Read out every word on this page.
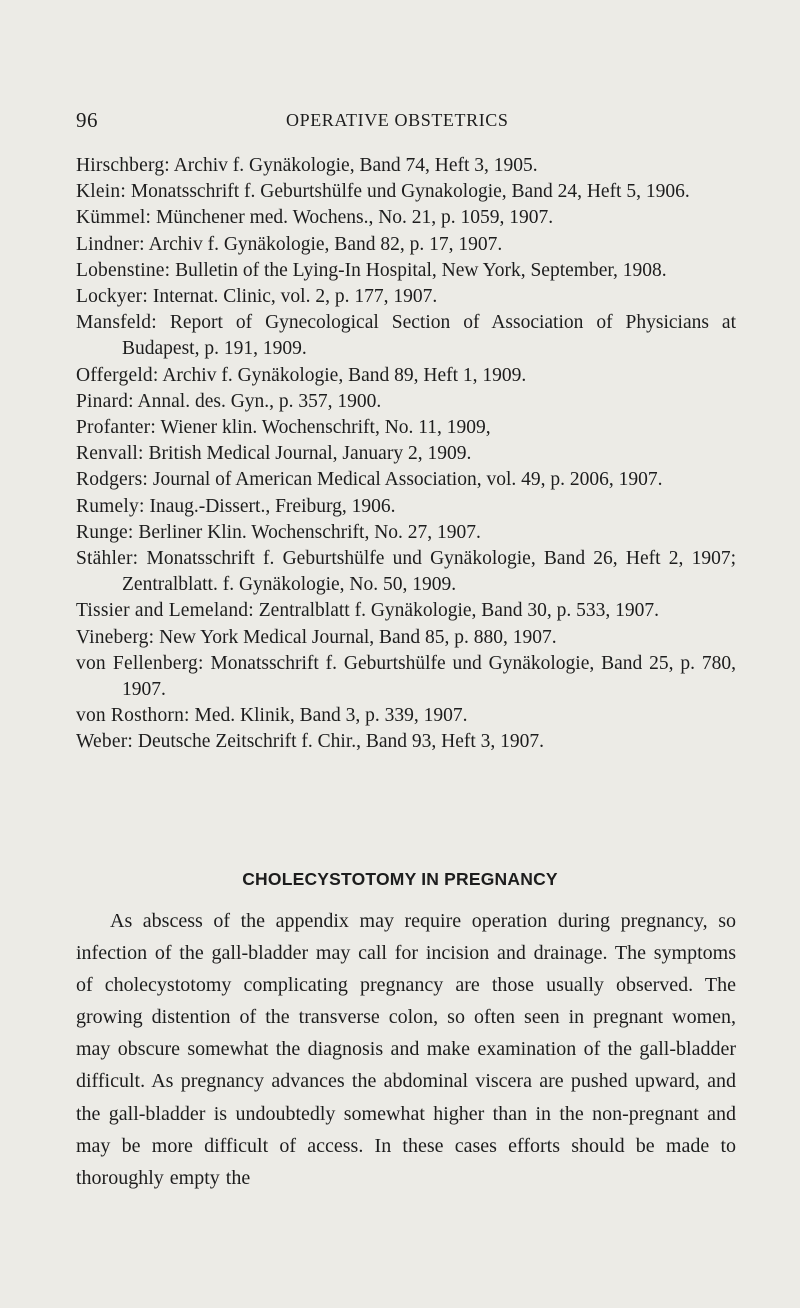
96	OPERATIVE OBSTETRICS
Hirschberg: Archiv f. Gynäkologie, Band 74, Heft 3, 1905.
Klein: Monatsschrift f. Geburtshülfe und Gynakologie, Band 24, Heft 5, 1906.
Kümmel: Münchener med. Wochens., No. 21, p. 1059, 1907.
Lindner: Archiv f. Gynäkologie, Band 82, p. 17, 1907.
Lobenstine: Bulletin of the Lying-In Hospital, New York, September, 1908.
Lockyer: Internat. Clinic, vol. 2, p. 177, 1907.
Mansfeld: Report of Gynecological Section of Association of Physicians at Budapest, p. 191, 1909.
Offergeld: Archiv f. Gynäkologie, Band 89, Heft 1, 1909.
Pinard: Annal. des. Gyn., p. 357, 1900.
Profanter: Wiener klin. Wochenschrift, No. 11, 1909,
Renvall: British Medical Journal, January 2, 1909.
Rodgers: Journal of American Medical Association, vol. 49, p. 2006, 1907.
Rumely: Inaug.-Dissert., Freiburg, 1906.
Runge: Berliner Klin. Wochenschrift, No. 27, 1907.
Stähler: Monatsschrift f. Geburtshülfe und Gynäkologie, Band 26, Heft 2, 1907; Zentralblatt. f. Gynäkologie, No. 50, 1909.
Tissier and Lemeland: Zentralblatt f. Gynäkologie, Band 30, p. 533, 1907.
Vineberg: New York Medical Journal, Band 85, p. 880, 1907.
von Fellenberg: Monatsschrift f. Geburtshülfe und Gynäkologie, Band 25, p. 780, 1907.
von Rosthorn: Med. Klinik, Band 3, p. 339, 1907.
Weber: Deutsche Zeitschrift f. Chir., Band 93, Heft 3, 1907.
CHOLECYSTOTOMY IN PREGNANCY

As abscess of the appendix may require operation during pregnancy, so infection of the gall-bladder may call for incision and drainage. The symptoms of cholecystotomy complicating pregnancy are those usually observed. The growing distention of the transverse colon, so often seen in pregnant women, may obscure somewhat the diagnosis and make examination of the gall-bladder difficult. As pregnancy advances the abdominal viscera are pushed upward, and the gall-bladder is undoubtedly somewhat higher than in the non-pregnant and may be more difficult of access. In these cases efforts should be made to thoroughly empty the
